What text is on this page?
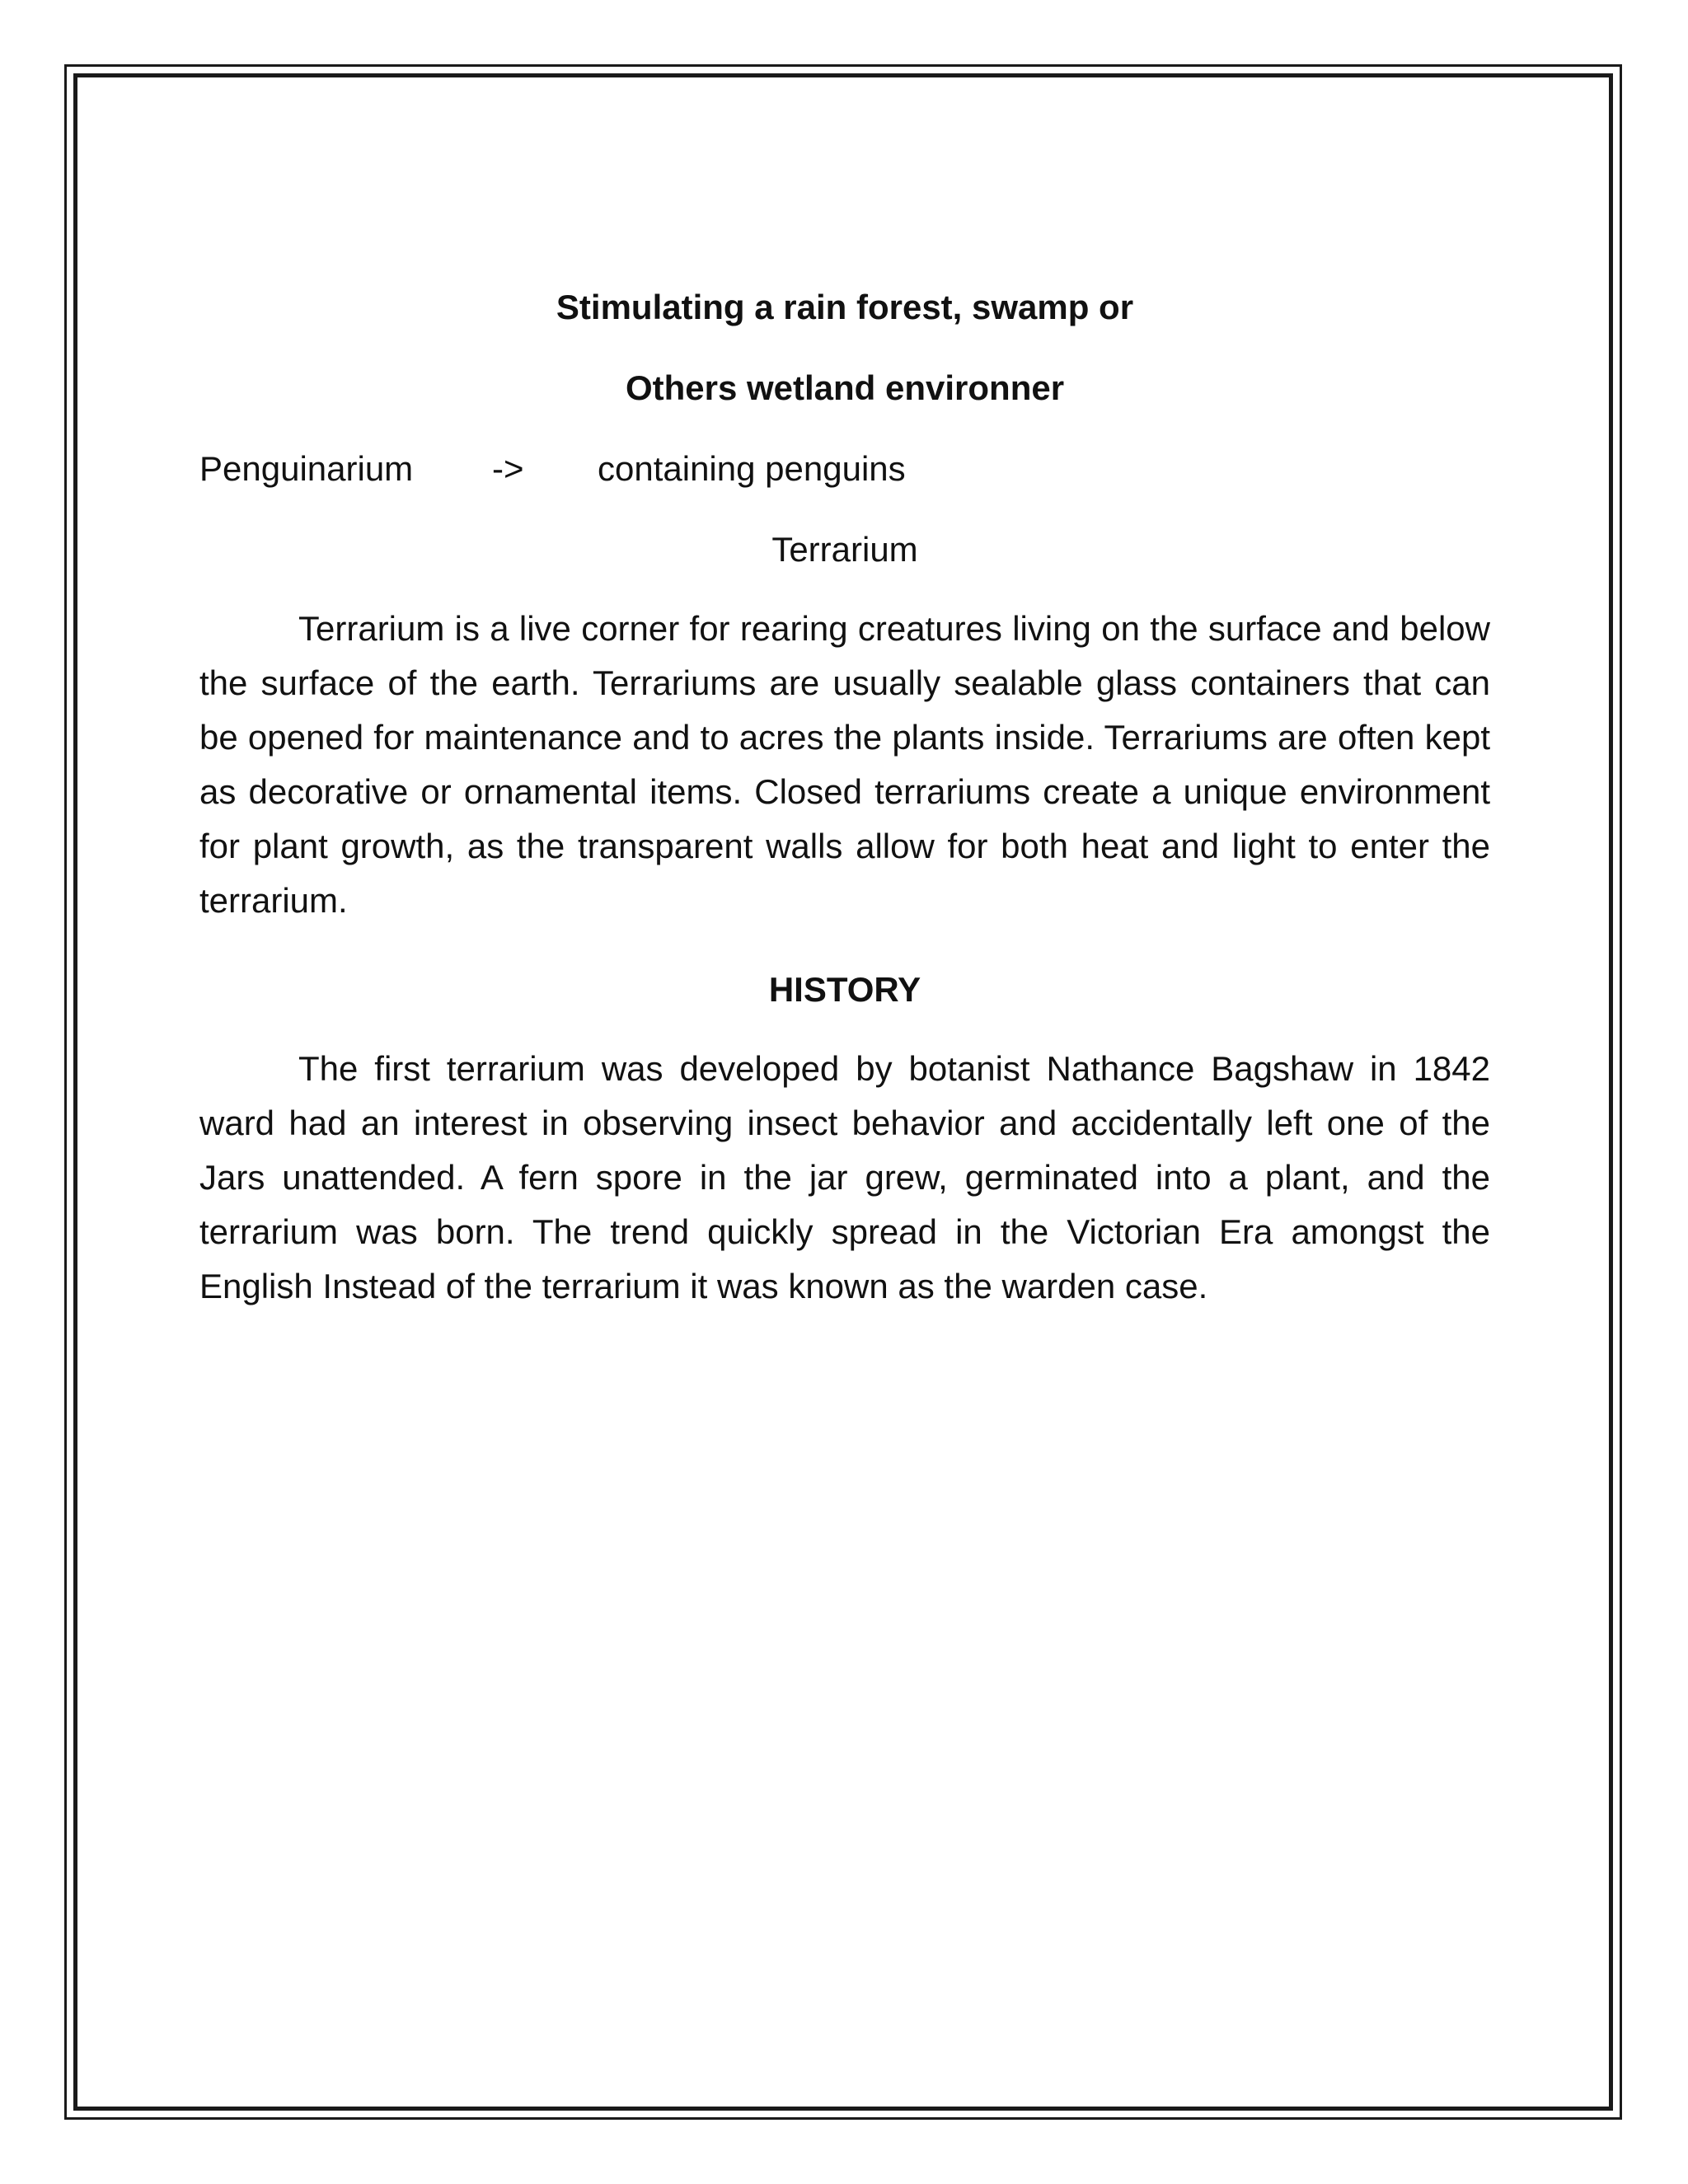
Stimulating a rain forest, swamp or

Others wetland environner

Penguinarium	->	containing penguins
Terrarium

Terrarium is a live corner for rearing creatures living on the surface and below the surface of the earth. Terrariums are usually sealable glass containers that can be opened for maintenance and to acres the plants inside. Terrariums are often kept as decorative or ornamental items. Closed terrariums create a unique environment for plant growth, as the transparent walls allow for both heat and light to enter the terrarium.

HISTORY

The first terrarium was developed by botanist Nathance Bagshaw in 1842 ward had an interest in observing insect behavior and accidentally left one of the Jars unattended. A fern spore in the jar grew, germinated into a plant, and the terrarium was born. The trend quickly spread in the Victorian Era amongst the English Instead of the terrarium it was known as the warden case.
